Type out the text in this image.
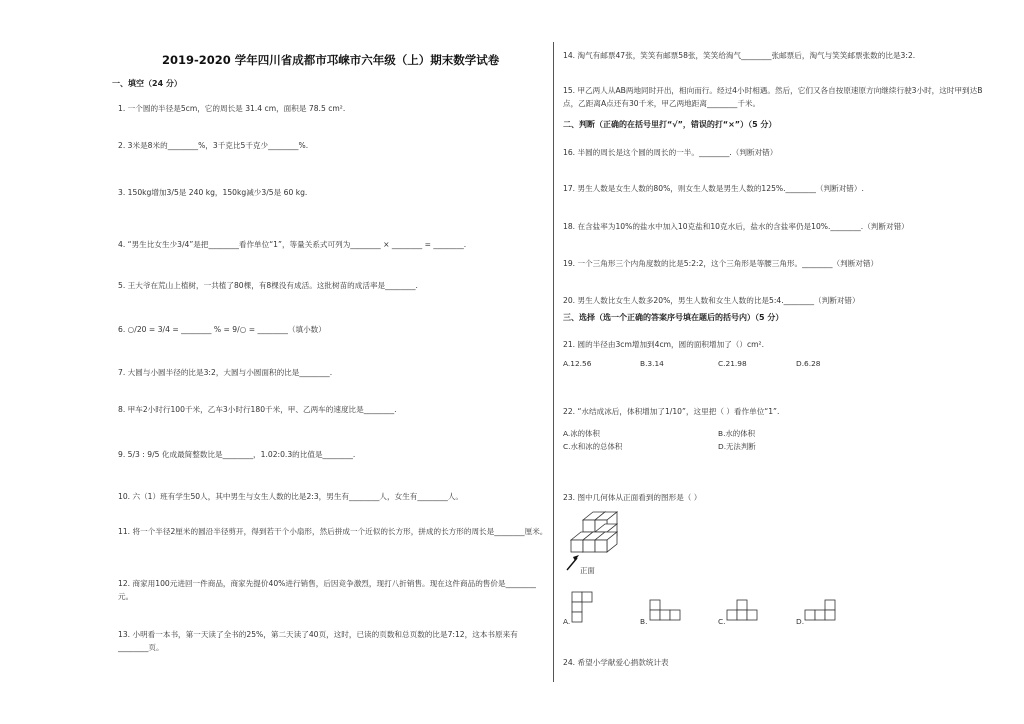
2019-2020 学年四川省成都市邛崃市六年级（上）期末数学试卷
一、填空（24 分）
1. 一个圆的半径是5cm，它的周长是 31.4 cm，面积是 78.5 cm².
2. 3米是8米的________%，3千克比5千克少________%.
3. 150kg增加3/5是 240 kg，150kg减少3/5是 60 kg.
4. “男生比女生少3/4”是把________看作单位“1”，等量关系式可列为________ × ________ = ________.
5. 王大爷在荒山上植树，一共植了80棵，有8棵没有成活。这批树苗的成活率是________.
6. ○/20 = 3/4 = ________ % = 9/○ = ________（填小数）
7. 大圆与小圆半径的比是3:2，大圆与小圆面积的比是________.
8. 甲车2小时行100千米，乙车3小时行180千米，甲、乙两车的速度比是________.
9. 5/3 : 9/5 化成最简整数比是________，1.02:0.3的比值是________.
10. 六（1）班有学生50人，其中男生与女生人数的比是2:3，男生有________人，女生有________人。
11. 将一个半径2厘米的圆沿半径剪开，得到若干个小扇形，然后拼成一个近似的长方形，拼成的长方形的周长是________厘米。
12. 商家用100元进回一件商品，商家先提价40%进行销售，后因竞争激烈，现打八折销售。现在这件商品的售价是________元。
13. 小明看一本书，第一天读了全书的25%，第二天读了40页，这时，已读的页数和总页数的比是7:12，这本书原来有________页。
14. 淘气有邮票47张，笑笑有邮票58张，笑笑给淘气________张邮票后，淘气与笑笑邮票张数的比是3:2.
15. 甲乙两人从AB两地同时开出，相向而行。经过4小时相遇。然后，它们又各自按原速原方向继续行驶3小时，这时甲到达B点，乙距离A点还有30千米，甲乙两地距离________千米。
二、判断（正确的在括号里打“√”，错误的打“×”）（5 分）
16. 半圆的周长是这个圆的周长的一半。________.（判断对错）
17. 男生人数是女生人数的80%，则女生人数是男生人数的125%.________（判断对错）.
18. 在含盐率为10%的盐水中加入10克盐和10克水后，盐水的含盐率仍是10%.________.（判断对错）
19. 一个三角形三个内角度数的比是5:2:2，这个三角形是等腰三角形。________（判断对错）
20. 男生人数比女生人数多20%，男生人数和女生人数的比是5:4.________（判断对错）
三、选择（选一个正确的答案序号填在题后的括号内）（5 分）
21. 圆的半径由3cm增加到4cm，圆的面积增加了（）cm².
A.12.56	B.3.14	C.21.98	D.6.28
22. “水结成冰后，体积增加了1/10”，这里把（ ）看作单位“1”.
A.冰的体积	B.水的体积
C.水和冰的总体积	D.无法判断
23. 图中几何体从正面看到的图形是（ ）
正面
A.	B.	C.	D.
24. 希望小学献爱心捐款统计表
